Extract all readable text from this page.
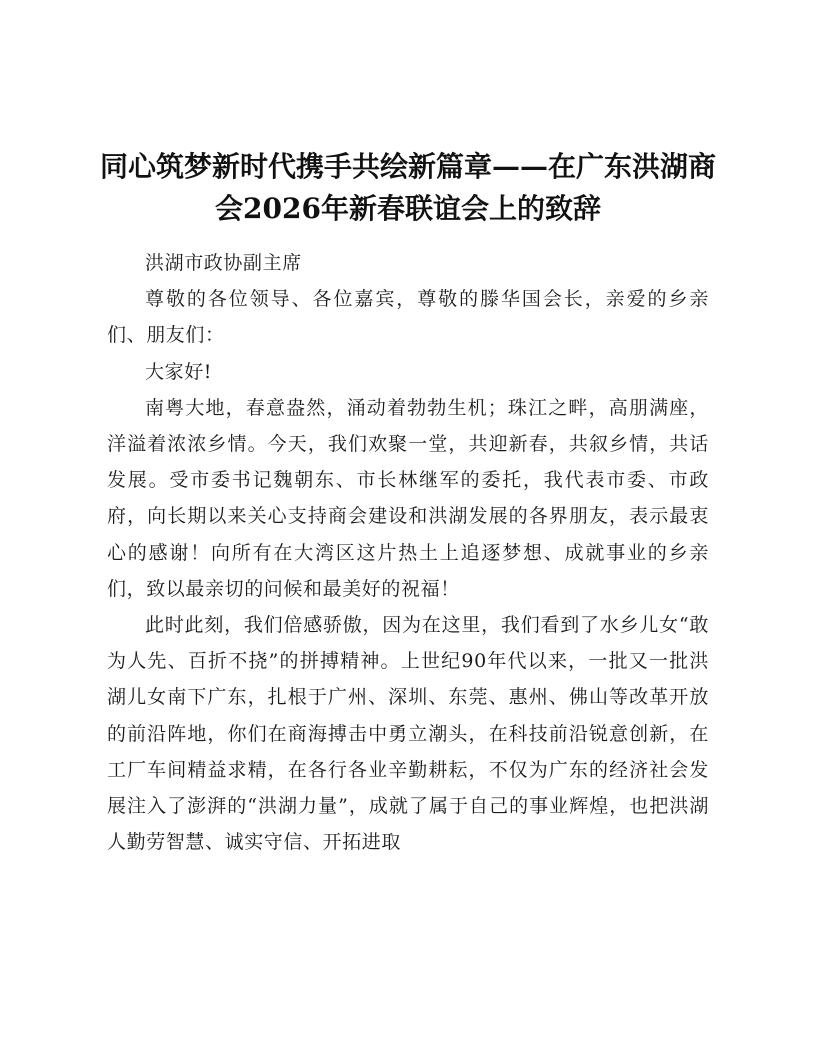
同心筑梦新时代携手共绘新篇章——在广东洪湖商会2026年新春联谊会上的致辞

洪湖市政协副主席

尊敬的各位领导、各位嘉宾，尊敬的滕华国会长，亲爱的乡亲们、朋友们：

大家好!

南粤大地，春意盎然，涌动着勃勃生机；珠江之畔，高朋满座，洋溢着浓浓乡情。今天，我们欢聚一堂，共迎新春，共叙乡情，共话发展。受市委书记魏朝东、市长林继军的委托，我代表市委、市政府，向长期以来关心支持商会建设和洪湖发展的各界朋友，表示最衷心的感谢！向所有在大湾区这片热土上追逐梦想、成就事业的乡亲们，致以最亲切的问候和最美好的祝福！

此时此刻，我们倍感骄傲，因为在这里，我们看到了水乡儿女“敢为人先、百折不挠”的拼搏精神。上世纪90年代以来，一批又一批洪湖儿女南下广东，扎根于广州、深圳、东莞、惠州、佛山等改革开放的前沿阵地，你们在商海搏击中勇立潮头，在科技前沿锐意创新，在工厂车间精益求精，在各行各业辛勤耕耘，不仅为广东的经济社会发展注入了澎湃的“洪湖力量”，成就了属于自己的事业辉煌，也把洪湖人勤劳智慧、诚实守信、开拓进取
